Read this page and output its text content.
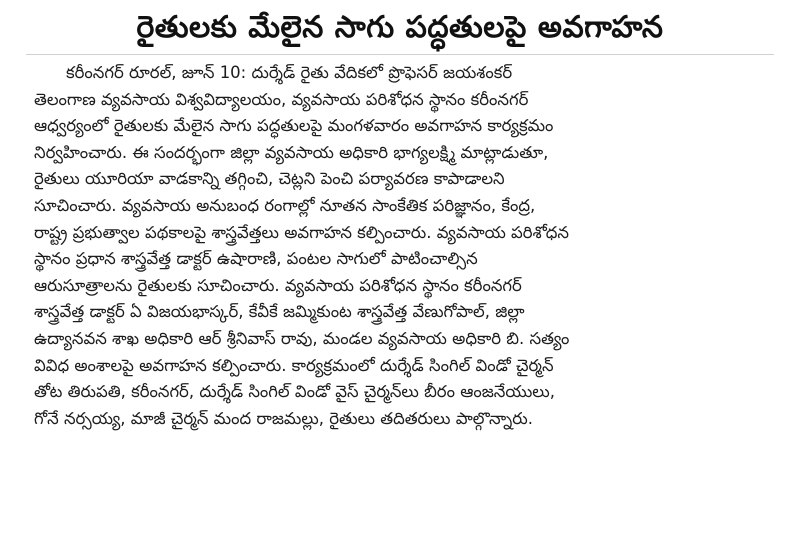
రైతులకు మేలైన సాగు పద్ధతులపై అవగాహన
కరీంనగర్ రూరల్, జూన్ 10: దుర్శేడ్ రైతు వేదికలో ప్రొఫెసర్ జయశంకర్
తెలంగాణ వ్యవసాయ విశ్వవిద్యాలయం, వ్యవసాయ పరిశోధన స్థానం కరీంనగర్
ఆధ్వర్యంలో రైతులకు మేలైన సాగు పద్ధతులపై మంగళవారం అవగాహన కార్యక్రమం
నిర్వహించారు. ఈ సందర్భంగా జిల్లా వ్యవసాయ అధికారి భాగ్యలక్ష్మి మాట్లాడుతూ,
రైతులు యూరియా వాడకాన్ని తగ్గించి, చెట్లని పెంచి పర్యావరణ కాపాడాలని
సూచించారు. వ్యవసాయ అనుబంధ రంగాల్లో నూతన సాంకేతిక పరిజ్ఞానం, కేంద్ర,
రాష్ట్ర ప్రభుత్వాల పథకాలపై శాస్త్రవేత్తలు అవగాహన కల్పించారు. వ్యవసాయ పరిశోధన
స్థానం ప్రధాన శాస్త్రవేత్త డాక్టర్ ఉషారాణి, పంటల సాగులో పాటించాల్సిన
ఆరుసూత్రాలను రైతులకు సూచించారు. వ్యవసాయ పరిశోధన స్థానం కరీంనగర్
శాస్త్రవేత్త డాక్టర్ ఏ విజయభాస్కర్, కేవీకే జమ్మికుంట శాస్త్రవేత్త వేణుగోపాల్, జిల్లా
ఉద్యానవన శాఖ అధికారి ఆర్ శ్రీనివాస్ రావు, మండల వ్యవసాయ అధికారి బి. సత్యం
వివిధ అంశాలపై అవగాహన కల్పించారు. కార్యక్రమంలో దుర్శేడ్ సింగిల్ విండో చైర్మన్
తోట తిరుపతి, కరీంనగర్, దుర్శేడ్ సింగిల్ విండో వైస్ చైర్మన్‌లు బీరం ఆంజనేయులు,
గోనే నర్సయ్య, మాజీ చైర్మన్ మంద రాజమల్లు, రైతులు తదితరులు పాల్గొన్నారు.
